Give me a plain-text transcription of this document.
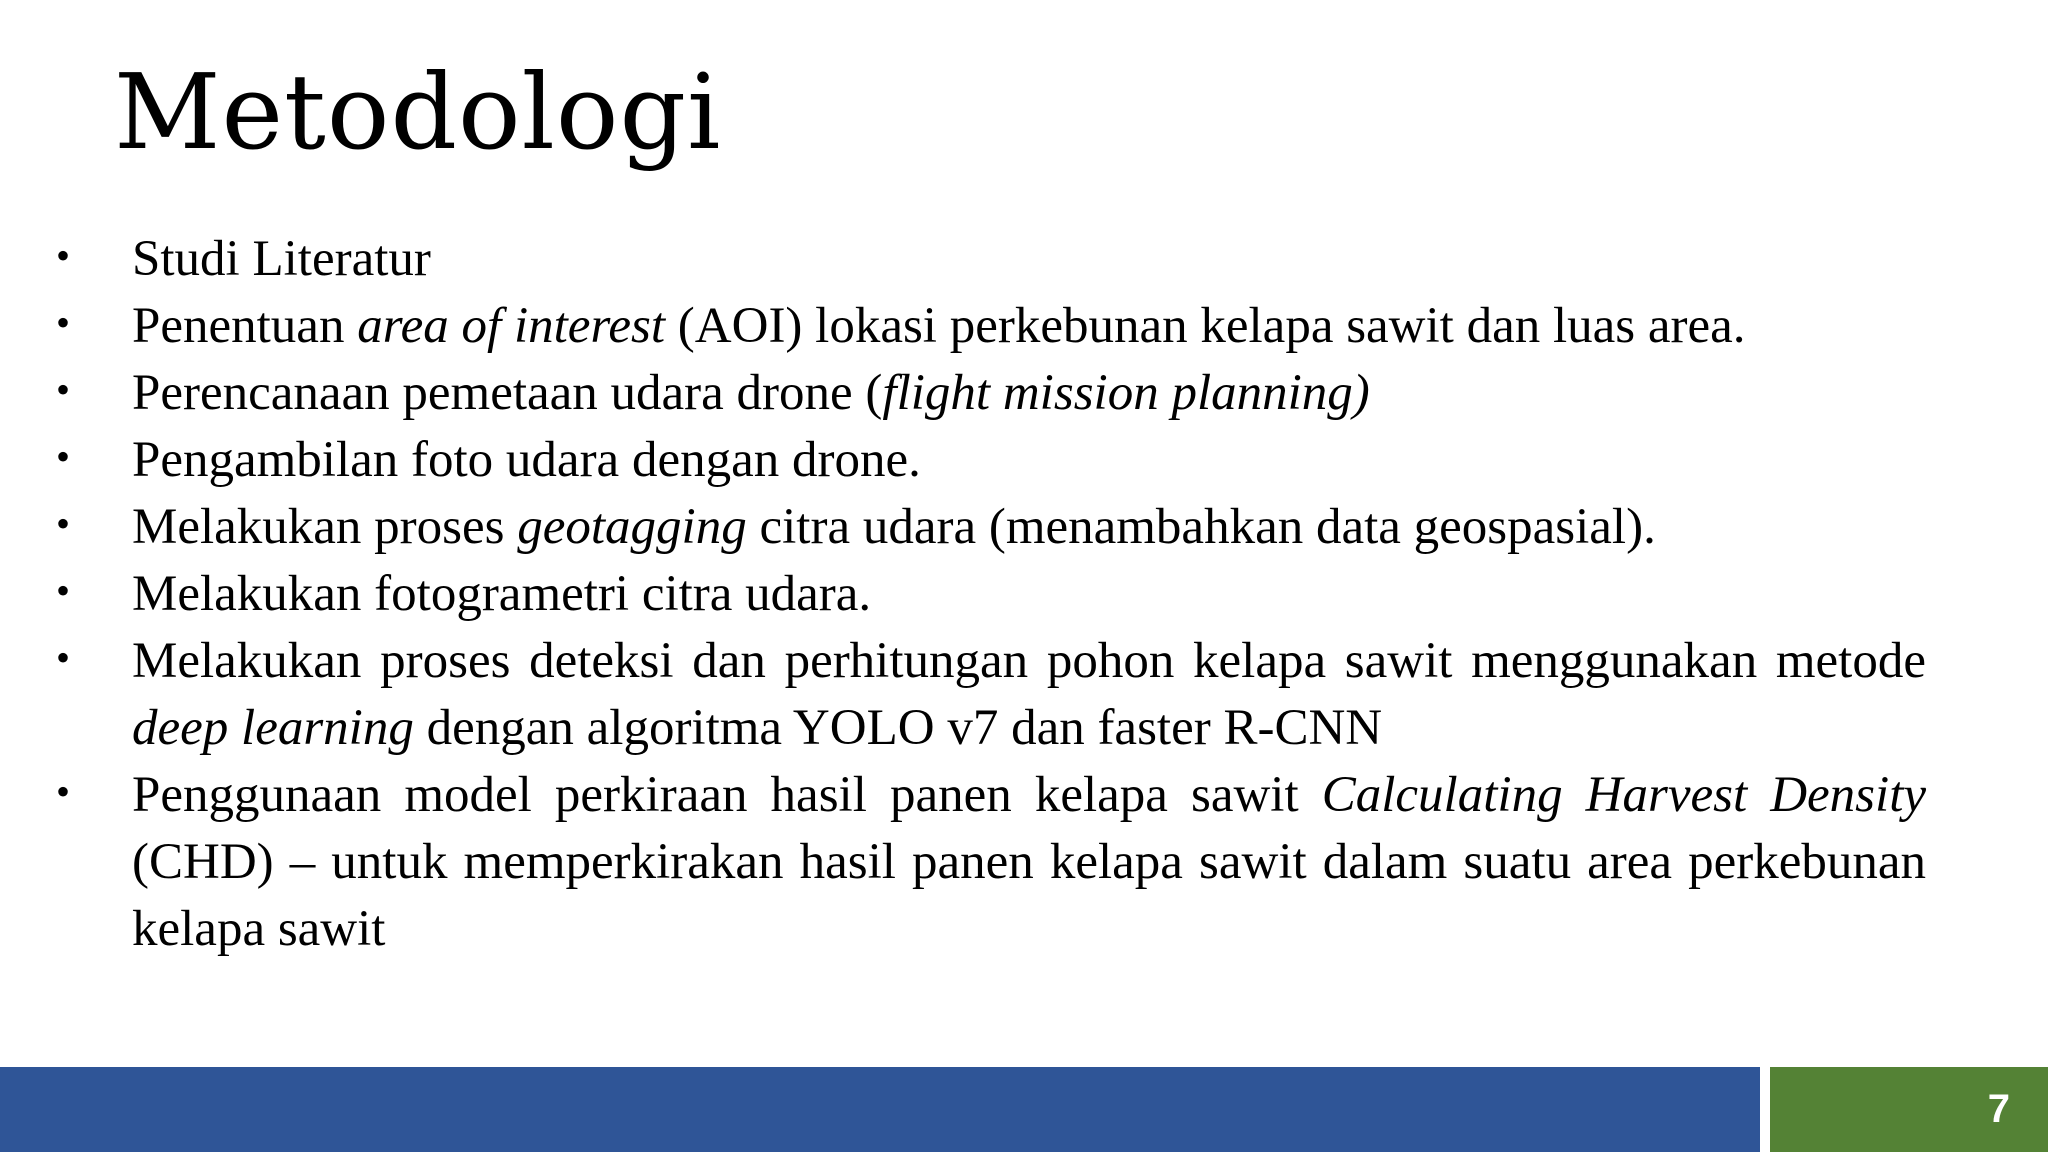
Metodologi
• Studi Literatur
• Penentuan area of interest (AOI) lokasi perkebunan kelapa sawit dan luas area.
• Perencanaan pemetaan udara drone (flight mission planning)
• Pengambilan foto udara dengan drone.
• Melakukan proses geotagging citra udara (menambahkan data geospasial).
• Melakukan fotogrametri citra udara.
• Melakukan proses deteksi dan perhitungan pohon kelapa sawit menggunakan metode deep learning dengan algoritma YOLO v7 dan faster R-CNN
• Penggunaan model perkiraan hasil panen kelapa sawit Calculating Harvest Density (CHD) – untuk memperkirakan hasil panen kelapa sawit dalam suatu area perkebunan kelapa sawit
7
